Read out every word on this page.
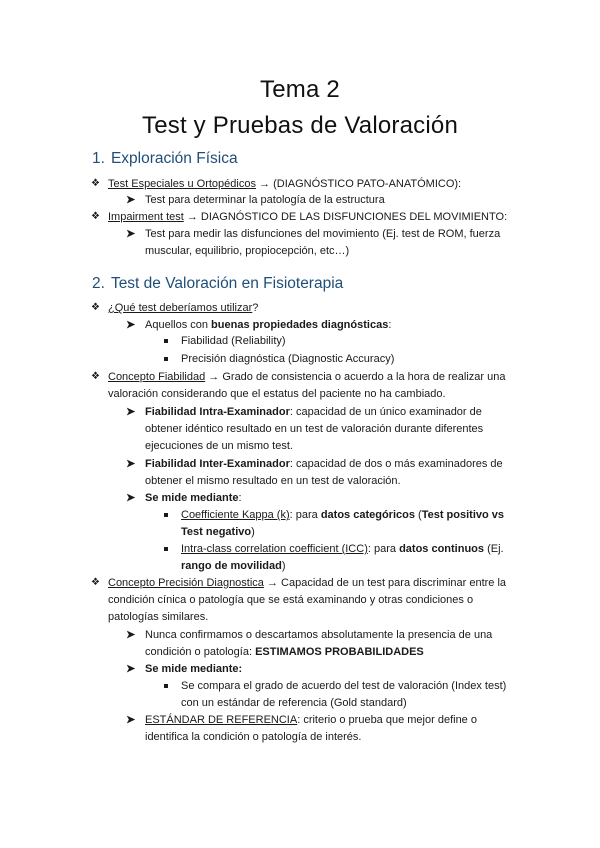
Tema 2
Test y Pruebas de Valoración
1. Exploración Física
❖ Test Especiales u Ortopédicos → (DIAGNÓSTICO PATO-ANATÓMICO):
➤ Test para determinar la patología de la estructura
❖ Impairment test → DIAGNÓSTICO DE LAS DISFUNCIONES DEL MOVIMIENTO:
➤ Test para medir las disfunciones del movimiento (Ej. test de ROM, fuerza
muscular, equilibrio, propiocepción, etc…)
2. Test de Valoración en Fisioterapia
❖ ¿Qué test deberíamos utilizar?
➤ Aquellos con buenas propiedades diagnósticas:
Fiabilidad (Reliability)
Precisión diagnóstica (Diagnostic Accuracy)
❖ Concepto Fiabilidad → Grado de consistencia o acuerdo a la hora de realizar una
valoración considerando que el estatus del paciente no ha cambiado.
➤ Fiabilidad Intra-Examinador: capacidad de un único examinador de
obtener idéntico resultado en un test de valoración durante diferentes
ejecuciones de un mismo test.
➤ Fiabilidad Inter-Examinador: capacidad de dos o más examinadores de
obtener el mismo resultado en un test de valoración.
➤ Se mide mediante:
Coefficiente Kappa (k): para datos categóricos (Test positivo vs
Test negativo)
Intra-class correlation coefficient (ICC): para datos continuos (Ej.
rango de movilidad)
❖ Concepto Precisión Diagnostica → Capacidad de un test para discriminar entre la
condición cínica o patología que se está examinando y otras condiciones o
patologías similares.
➤ Nunca confirmamos o descartamos absolutamente la presencia de una
condición o patología: ESTIMAMOS PROBABILIDADES
➤ Se mide mediante:
Se compara el grado de acuerdo del test de valoración (Index test)
con un estándar de referencia (Gold standard)
➤ ESTÁNDAR DE REFERENCIA: criterio o prueba que mejor define o
identifica la condición o patología de interés.
